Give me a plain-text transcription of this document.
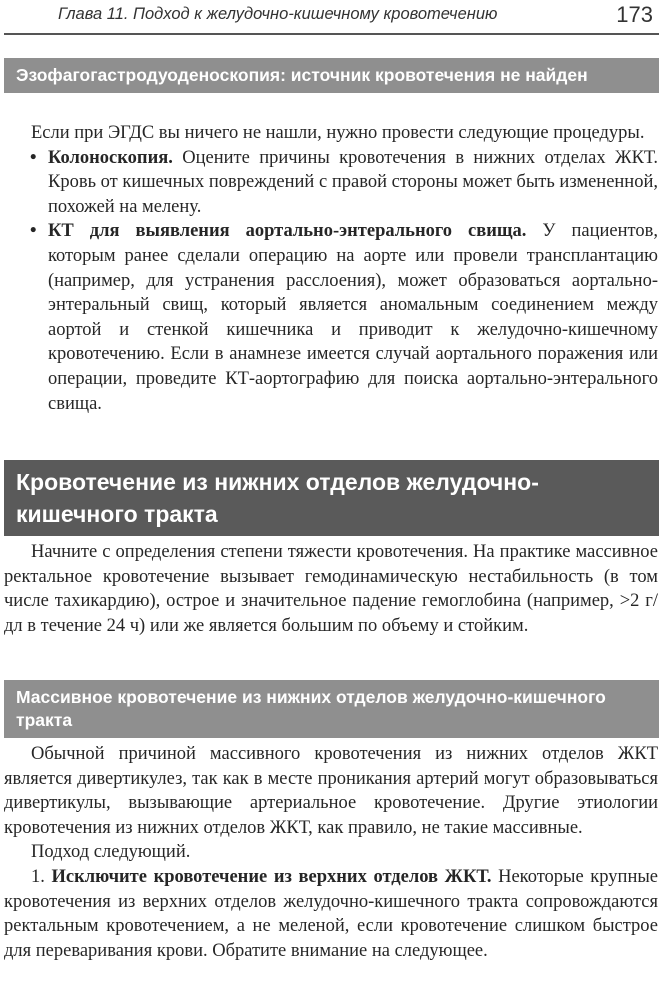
Глава 11. Подход к желудочно-кишечному кровотечению	173
Эзофагогастродуоденоскопия: источник кровотечения не найден

Если при ЭГДС вы ничего не нашли, нужно провести следующие процедуры.

• Колоноскопия. Оцените причины кровотечения в нижних отделах ЖКТ. Кровь от кишечных повреждений с правой стороны может быть измененной, похожей на мелену.
• КТ для выявления аортально-энтерального свища. У пациентов, которым ранее сделали операцию на аорте или провели трансплантацию (например, для устранения расслоения), может образоваться аортально-энтеральный свищ, который является аномальным соединением между аортой и стенкой кишечника и приводит к желудочно-кишечному кровотечению. Если в анамнезе имеется случай аортального поражения или операции, проведите КТ-аортографию для поиска аортально-энтерального свища.
Кровотечение из нижних отделов желудочно-кишечного тракта

Начните с определения степени тяжести кровотечения. На практике массивное ректальное кровотечение вызывает гемодинамическую нестабильность (в том числе тахикардию), острое и значительное падение гемоглобина (например, >2 г/дл в течение 24 ч) или же является большим по объему и стойким.

Массивное кровотечение из нижних отделов желудочно-кишечного тракта

Обычной причиной массивного кровотечения из нижних отделов ЖКТ является дивертикулез, так как в месте проникания артерий могут образовываться дивертикулы, вызывающие артериальное кровотечение. Другие этиологии кровотечения из нижних отделов ЖКТ, как правило, не такие массивные.

Подход следующий.

1. Исключите кровотечение из верхних отделов ЖКТ. Некоторые крупные кровотечения из верхних отделов желудочно-кишечного тракта сопровождаются ректальным кровотечением, а не меленой, если кровотечение слишком быстрое для переваривания крови. Обратите внимание на следующее.
